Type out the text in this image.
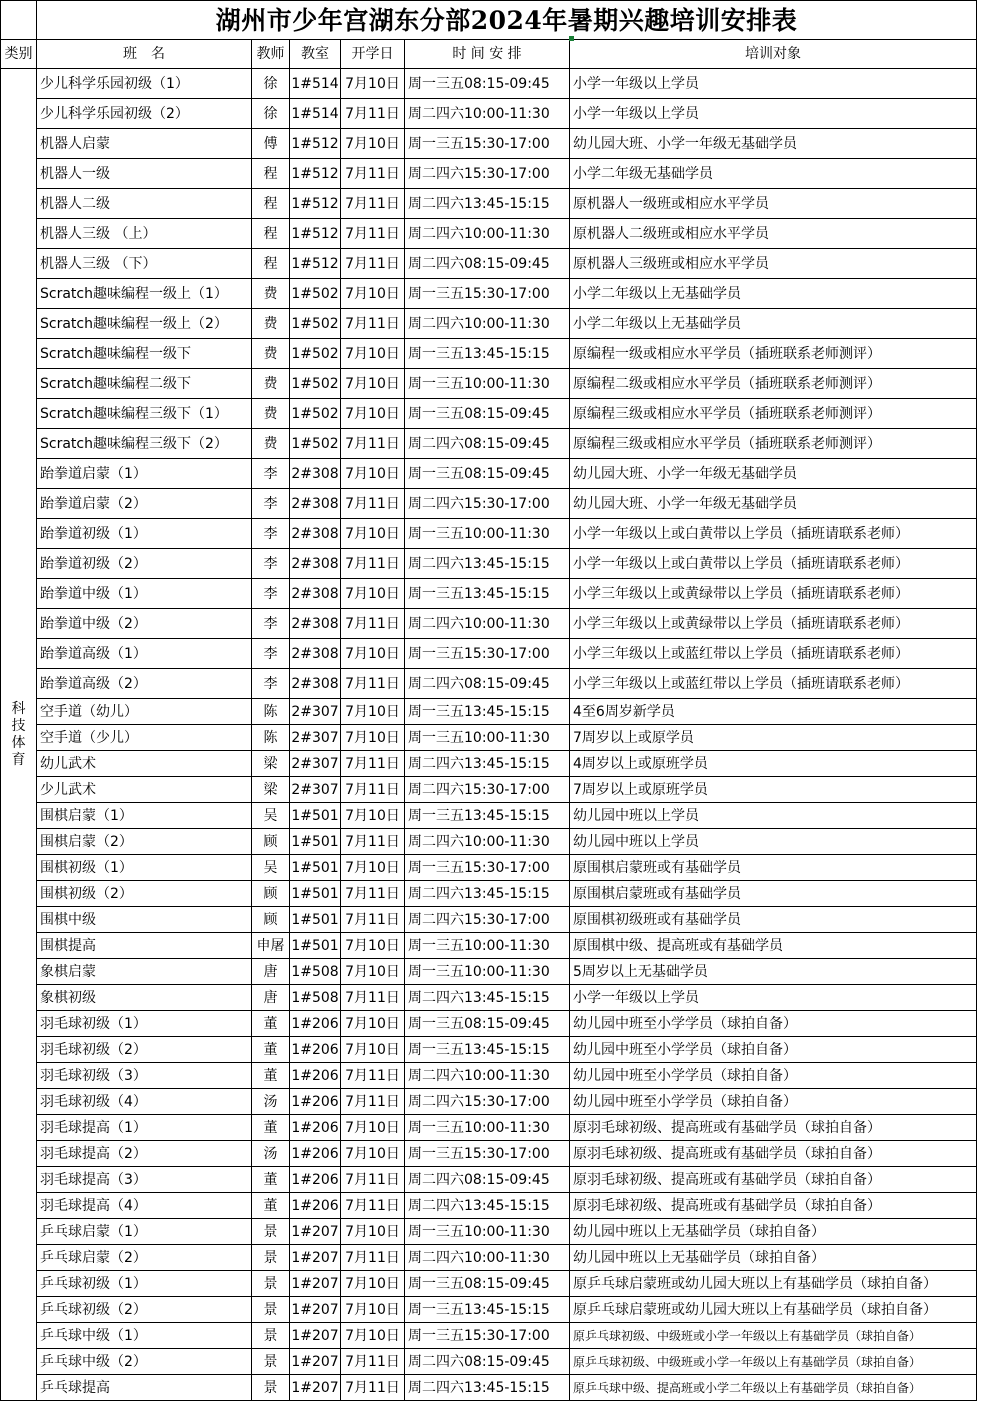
	湖州市少年宫湖东分部2024年暑期兴趣培训安排表					
类别	班　名	教师	教室	开学日	时 间 安 排	培训对象
科技体育	少儿科学乐园初级（1）	徐	1#514	7月10日	周一三五08:15-09:45	小学一年级以上学员
	少儿科学乐园初级（2）	徐	1#514	7月11日	周二四六10:00-11:30	小学一年级以上学员
	机器人启蒙	傅	1#512	7月10日	周一三五15:30-17:00	幼儿园大班、小学一年级无基础学员
	机器人一级	程	1#512	7月11日	周二四六15:30-17:00	小学二年级无基础学员
	机器人二级	程	1#512	7月11日	周二四六13:45-15:15	原机器人一级班或相应水平学员
	机器人三级 （上）	程	1#512	7月11日	周二四六10:00-11:30	原机器人二级班或相应水平学员
	机器人三级 （下）	程	1#512	7月11日	周二四六08:15-09:45	原机器人三级班或相应水平学员
	Scratch趣味编程一级上（1）	费	1#502	7月10日	周一三五15:30-17:00	小学二年级以上无基础学员
	Scratch趣味编程一级上（2）	费	1#502	7月11日	周二四六10:00-11:30	小学二年级以上无基础学员
	Scratch趣味编程一级下	费	1#502	7月10日	周一三五13:45-15:15	原编程一级或相应水平学员（插班联系老师测评）
	Scratch趣味编程二级下	费	1#502	7月10日	周一三五10:00-11:30	原编程二级或相应水平学员（插班联系老师测评）
	Scratch趣味编程三级下（1）	费	1#502	7月10日	周一三五08:15-09:45	原编程三级或相应水平学员（插班联系老师测评）
	Scratch趣味编程三级下（2）	费	1#502	7月11日	周二四六08:15-09:45	原编程三级或相应水平学员（插班联系老师测评）
	跆拳道启蒙（1）	李	2#308	7月10日	周一三五08:15-09:45	幼儿园大班、小学一年级无基础学员
	跆拳道启蒙（2）	李	2#308	7月11日	周二四六15:30-17:00	幼儿园大班、小学一年级无基础学员
	跆拳道初级（1）	李	2#308	7月10日	周一三五10:00-11:30	小学一年级以上或白黄带以上学员（插班请联系老师）
	跆拳道初级（2）	李	2#308	7月11日	周二四六13:45-15:15	小学一年级以上或白黄带以上学员（插班请联系老师）
	跆拳道中级（1）	李	2#308	7月10日	周一三五13:45-15:15	小学三年级以上或黄绿带以上学员（插班请联系老师）
	跆拳道中级（2）	李	2#308	7月11日	周二四六10:00-11:30	小学三年级以上或黄绿带以上学员（插班请联系老师）
	跆拳道高级（1）	李	2#308	7月10日	周一三五15:30-17:00	小学三年级以上或蓝红带以上学员（插班请联系老师）
	跆拳道高级（2）	李	2#308	7月11日	周二四六08:15-09:45	小学三年级以上或蓝红带以上学员（插班请联系老师）
	空手道（幼儿）	陈	2#307	7月10日	周一三五13:45-15:15	4至6周岁新学员
	空手道（少儿）	陈	2#307	7月10日	周一三五10:00-11:30	7周岁以上或原学员
	幼儿武术	梁	2#307	7月11日	周二四六13:45-15:15	4周岁以上或原班学员
	少儿武术	梁	2#307	7月11日	周二四六15:30-17:00	7周岁以上或原班学员
	围棋启蒙（1）	吴	1#501	7月10日	周一三五13:45-15:15	幼儿园中班以上学员
	围棋启蒙（2）	顾	1#501	7月11日	周二四六10:00-11:30	幼儿园中班以上学员
	围棋初级（1）	吴	1#501	7月10日	周一三五15:30-17:00	原围棋启蒙班或有基础学员
	围棋初级（2）	顾	1#501	7月11日	周二四六13:45-15:15	原围棋启蒙班或有基础学员
	围棋中级	顾	1#501	7月11日	周二四六15:30-17:00	原围棋初级班或有基础学员
	围棋提高	申屠	1#501	7月10日	周一三五10:00-11:30	原围棋中级、提高班或有基础学员
	象棋启蒙	唐	1#508	7月10日	周一三五10:00-11:30	5周岁以上无基础学员
	象棋初级	唐	1#508	7月11日	周二四六13:45-15:15	小学一年级以上学员
	羽毛球初级（1）	董	1#206	7月10日	周一三五08:15-09:45	幼儿园中班至小学学员（球拍自备）
	羽毛球初级（2）	董	1#206	7月10日	周一三五13:45-15:15	幼儿园中班至小学学员（球拍自备）
	羽毛球初级（3）	董	1#206	7月11日	周二四六10:00-11:30	幼儿园中班至小学学员（球拍自备）
	羽毛球初级（4）	汤	1#206	7月11日	周二四六15:30-17:00	幼儿园中班至小学学员（球拍自备）
	羽毛球提高（1）	董	1#206	7月10日	周一三五10:00-11:30	原羽毛球初级、提高班或有基础学员（球拍自备）
	羽毛球提高（2）	汤	1#206	7月10日	周一三五15:30-17:00	原羽毛球初级、提高班或有基础学员（球拍自备）
	羽毛球提高（3）	董	1#206	7月11日	周二四六08:15-09:45	原羽毛球初级、提高班或有基础学员（球拍自备）
	羽毛球提高（4）	董	1#206	7月11日	周二四六13:45-15:15	原羽毛球初级、提高班或有基础学员（球拍自备）
	乒乓球启蒙（1）	景	1#207	7月10日	周一三五10:00-11:30	幼儿园中班以上无基础学员（球拍自备）
	乒乓球启蒙（2）	景	1#207	7月11日	周二四六10:00-11:30	幼儿园中班以上无基础学员（球拍自备）
	乒乓球初级（1）	景	1#207	7月10日	周一三五08:15-09:45	原乒乓球启蒙班或幼儿园大班以上有基础学员（球拍自备）
	乒乓球初级（2）	景	1#207	7月10日	周一三五13:45-15:15	原乒乓球启蒙班或幼儿园大班以上有基础学员（球拍自备）
	乒乓球中级（1）	景	1#207	7月10日	周一三五15:30-17:00	原乒乓球初级、中级班或小学一年级以上有基础学员（球拍自备）
	乒乓球中级（2）	景	1#207	7月11日	周二四六08:15-09:45	原乒乓球初级、中级班或小学一年级以上有基础学员（球拍自备）
	乒乓球提高	景	1#207	7月11日	周二四六13:45-15:15	原乒乓球中级、提高班或小学二年级以上有基础学员（球拍自备）
